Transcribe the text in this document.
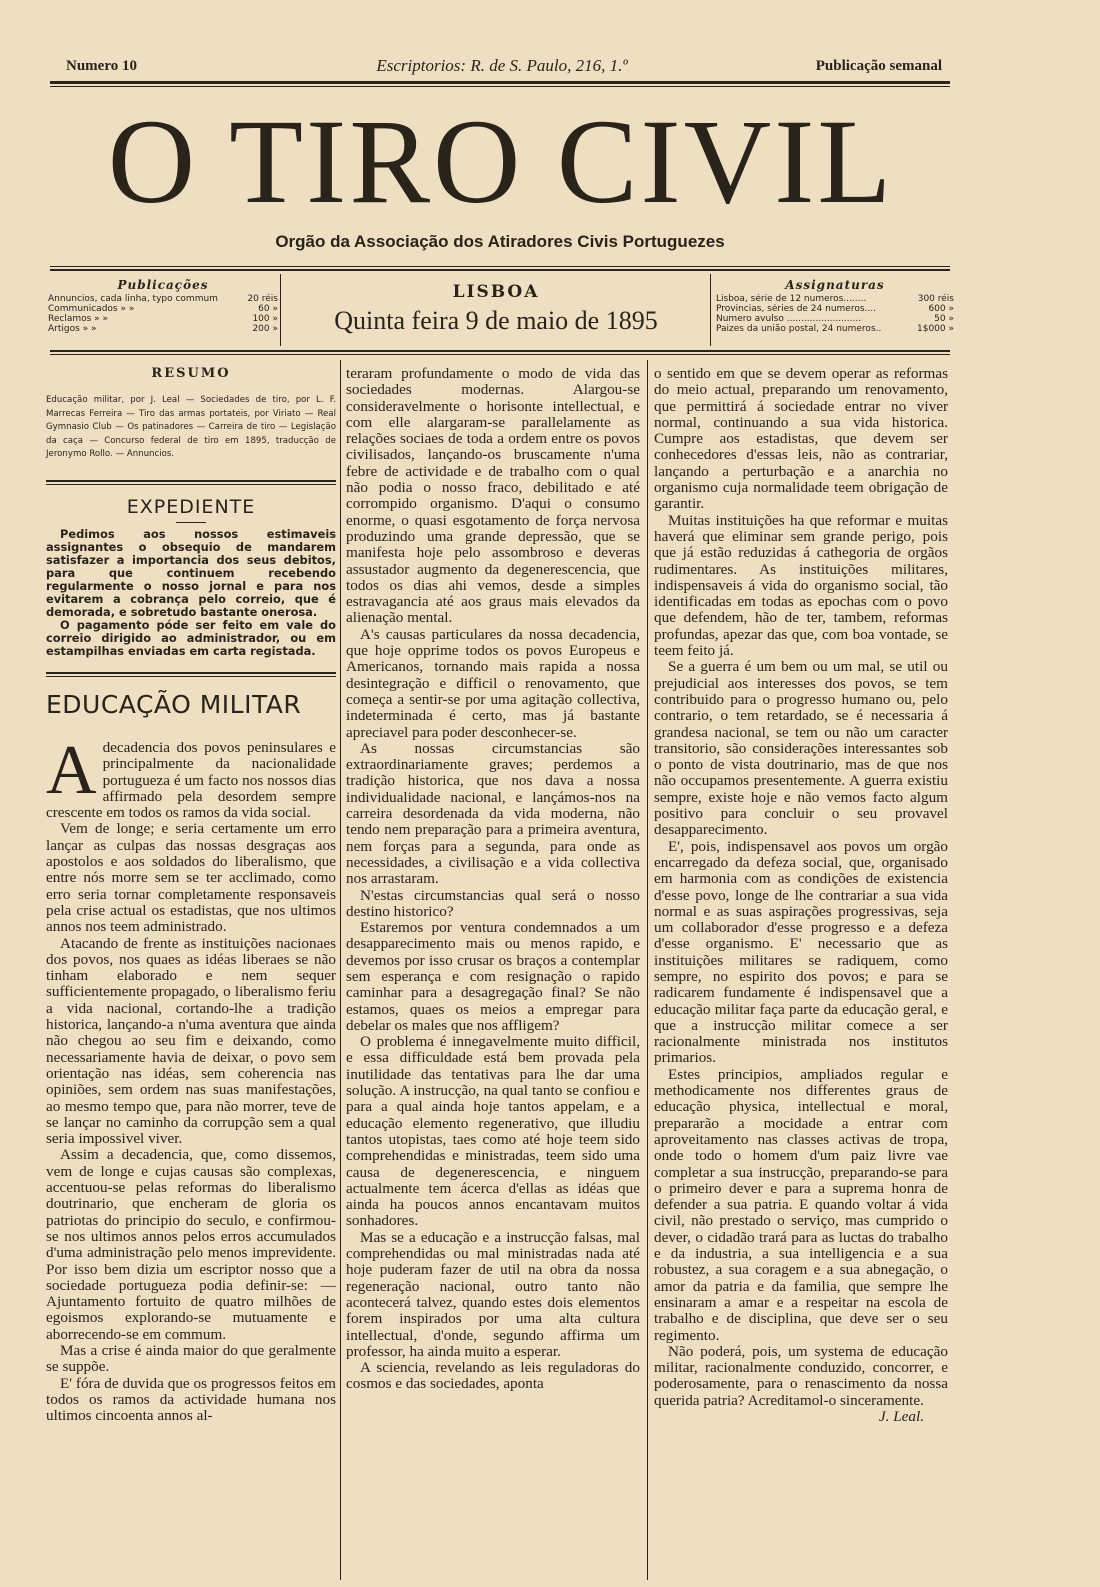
Numero 10	Escriptorios: R. de S. Paulo, 216, 1.º	Publicação semanal
O TIRO CIVIL
Orgão da Associação dos Atiradores Civis Portuguezes
Publicações
Annuncios, cada linha, typo commum	20 réis
Communicados » »	60 »
Reclamos » »	100 »
Artigos » »	200 »
LISBOA
Quinta feira 9 de maio de 1895
Assignaturas
Lisboa, série de 12 numeros........	300 réis
Provincias, séries de 24 numeros....	600 »
Numero avulso ..........................	50 »
Paizes da união postal, 24 numeros..	1$000 »
RESUMO
Educação militar, por J. Leal — Sociedades de tiro, por L. F. Marrecas Ferreira — Tiro das armas portateis, por Viriato — Real Gymnasio Club — Os patinadores — Carreira de tiro — Legislação da caça — Concurso federal de tiro em 1895, traducção de Jeronymo Rollo. — Annuncios.
EXPEDIENTE

Pedimos aos nossos estimaveis assignantes o obsequio de mandarem satisfazer a importancia dos seus debitos, para que continuem recebendo regularmente o nosso jornal e para nos evitarem a cobrança pelo correio, que é demorada, e sobretudo bastante onerosa.

O pagamento póde ser feito em vale do correio dirigido ao administrador, ou em estampilhas enviadas em carta registada.

EDUCAÇÃO MILITAR
A decadencia dos povos peninsulares e principalmente da nacionalidade portugueza é um facto nos nossos dias affirmado pela desordem sempre crescente em todos os ramos da vida social.

Vem de longe; e seria certamente um erro lançar as culpas das nossas desgraças aos apostolos e aos soldados do liberalismo, que entre nós morre sem se ter acclimado, como erro seria tornar completamente responsaveis pela crise actual os estadistas, que nos ultimos annos nos teem administrado.

Atacando de frente as instituições nacionaes dos povos, nos quaes as idéas liberaes se não tinham elaborado e nem sequer sufficientemente propagado, o liberalismo feriu a vida nacional, cortando-lhe a tradição historica, lançando-a n'uma aventura que ainda não chegou ao seu fim e deixando, como necessariamente havia de deixar, o povo sem orientação nas idéas, sem coherencia nas opiniões, sem ordem nas suas manifestações, ao mesmo tempo que, para não morrer, teve de se lançar no caminho da corrupção sem a qual seria impossivel viver.

Assim a decadencia, que, como dissemos, vem de longe e cujas causas são complexas, accentuou-se pelas reformas do liberalismo doutrinario, que encheram de gloria os patriotas do principio do seculo, e confirmou-se nos ultimos annos pelos erros accumulados d'uma administração pelo menos imprevidente. Por isso bem dizia um escriptor nosso que a sociedade portugueza podia definir-se: — Ajuntamento fortuito de quatro milhões de egoismos explorando-se mutuamente e aborrecendo-se em commum.

Mas a crise é ainda maior do que geralmente se suppõe.

E' fóra de duvida que os progressos feitos em todos os ramos da actividade humana nos ultimos cincoenta annos al-

teraram profundamente o modo de vida das sociedades modernas. Alargou-se consideravelmente o horisonte intellectual, e com elle alargaram-se parallelamente as relações sociaes de toda a ordem entre os povos civilisados, lançando-os bruscamente n'uma febre de actividade e de trabalho com o qual não podia o nosso fraco, debilitado e até corrompido organismo. D'aqui o consumo enorme, o quasi esgotamento de força nervosa produzindo uma grande depressão, que se manifesta hoje pelo assombroso e deveras assustador augmento da degenerescencia, que todos os dias ahi vemos, desde a simples estravagancia até aos graus mais elevados da alienação mental.

A's causas particulares da nossa decadencia, que hoje opprime todos os povos Europeus e Americanos, tornando mais rapida a nossa desintegração e difficil o renovamento, que começa a sentir-se por uma agitação collectiva, indeterminada é certo, mas já bastante apreciavel para poder desconhecer-se.

As nossas circumstancias são extraordinariamente graves; perdemos a tradição historica, que nos dava a nossa individualidade nacional, e lançámos-nos na carreira desordenada da vida moderna, não tendo nem preparação para a primeira aventura, nem forças para a segunda, para onde as necessidades, a civilisação e a vida collectiva nos arrastaram.

N'estas circumstancias qual será o nosso destino historico?

Estaremos por ventura condemnados a um desapparecimento mais ou menos rapido, e devemos por isso crusar os braços a contemplar sem esperança e com resignação o rapido caminhar para a desagregação final? Se não estamos, quaes os meios a empregar para debelar os males que nos affligem?

O problema é innegavelmente muito difficil, e essa difficuldade está bem provada pela inutilidade das tentativas para lhe dar uma solução. A instrucção, na qual tanto se confiou e para a qual ainda hoje tantos appelam, e a educação elemento regenerativo, que illudiu tantos utopistas, taes como até hoje teem sido comprehendidas e ministradas, teem sido uma causa de degenerescencia, e ninguem actualmente tem ácerca d'ellas as idéas que ainda ha poucos annos encantavam muitos sonhadores.

Mas se a educação e a instrucção falsas, mal comprehendidas ou mal ministradas nada até hoje puderam fazer de util na obra da nossa regeneração nacional, outro tanto não acontecerá talvez, quando estes dois elementos forem inspirados por uma alta cultura intellectual, d'onde, segundo affirma um professor, ha ainda muito a esperar.

A sciencia, revelando as leis reguladoras do cosmos e das sociedades, aponta

o sentido em que se devem operar as reformas do meio actual, preparando um renovamento, que permittirá á sociedade entrar no viver normal, continuando a sua vida historica. Cumpre aos estadistas, que devem ser conhecedores d'essas leis, não as contrariar, lançando a perturbação e a anarchia no organismo cuja normalidade teem obrigação de garantir.

Muitas instituições ha que reformar e muitas haverá que eliminar sem grande perigo, pois que já estão reduzidas á cathegoria de orgãos rudimentares. As instituições militares, indispensaveis á vida do organismo social, tão identificadas em todas as epochas com o povo que defendem, hão de ter, tambem, reformas profundas, apezar das que, com boa vontade, se teem feito já.

Se a guerra é um bem ou um mal, se util ou prejudicial aos interesses dos povos, se tem contribuido para o progresso humano ou, pelo contrario, o tem retardado, se é necessaria á grandesa nacional, se tem ou não um caracter transitorio, são considerações interessantes sob o ponto de vista doutrinario, mas de que nos não occupamos presentemente. A guerra existiu sempre, existe hoje e não vemos facto algum positivo para concluir o seu provavel desapparecimento.

E', pois, indispensavel aos povos um orgão encarregado da defeza social, que, organisado em harmonia com as condições de existencia d'esse povo, longe de lhe contrariar a sua vida normal e as suas aspirações progressivas, seja um collaborador d'esse progresso e a defeza d'esse organismo. E' necessario que as instituições militares se radiquem, como sempre, no espirito dos povos; e para se radicarem fundamente é indispensavel que a educação militar faça parte da educação geral, e que a instrucção militar comece a ser racionalmente ministrada nos institutos primarios.

Estes principios, ampliados regular e methodicamente nos differentes graus de educação physica, intellectual e moral, prepararão a mocidade a entrar com aproveitamento nas classes activas de tropa, onde todo o homem d'um paiz livre vae completar a sua instrucção, preparando-se para o primeiro dever e para a suprema honra de defender a sua patria. E quando voltar á vida civil, não prestado o serviço, mas cumprido o dever, o cidadão trará para as luctas do trabalho e da industria, a sua intelligencia e a sua robustez, a sua coragem e a sua abnegação, o amor da patria e da familia, que sempre lhe ensinaram a amar e a respeitar na escola de trabalho e de disciplina, que deve ser o seu regimento.

Não poderá, pois, um systema de educação militar, racionalmente conduzido, concorrer, e poderosamente, para o renascimento da nossa querida patria? Acreditamol-o sinceramente.

J. Leal.
